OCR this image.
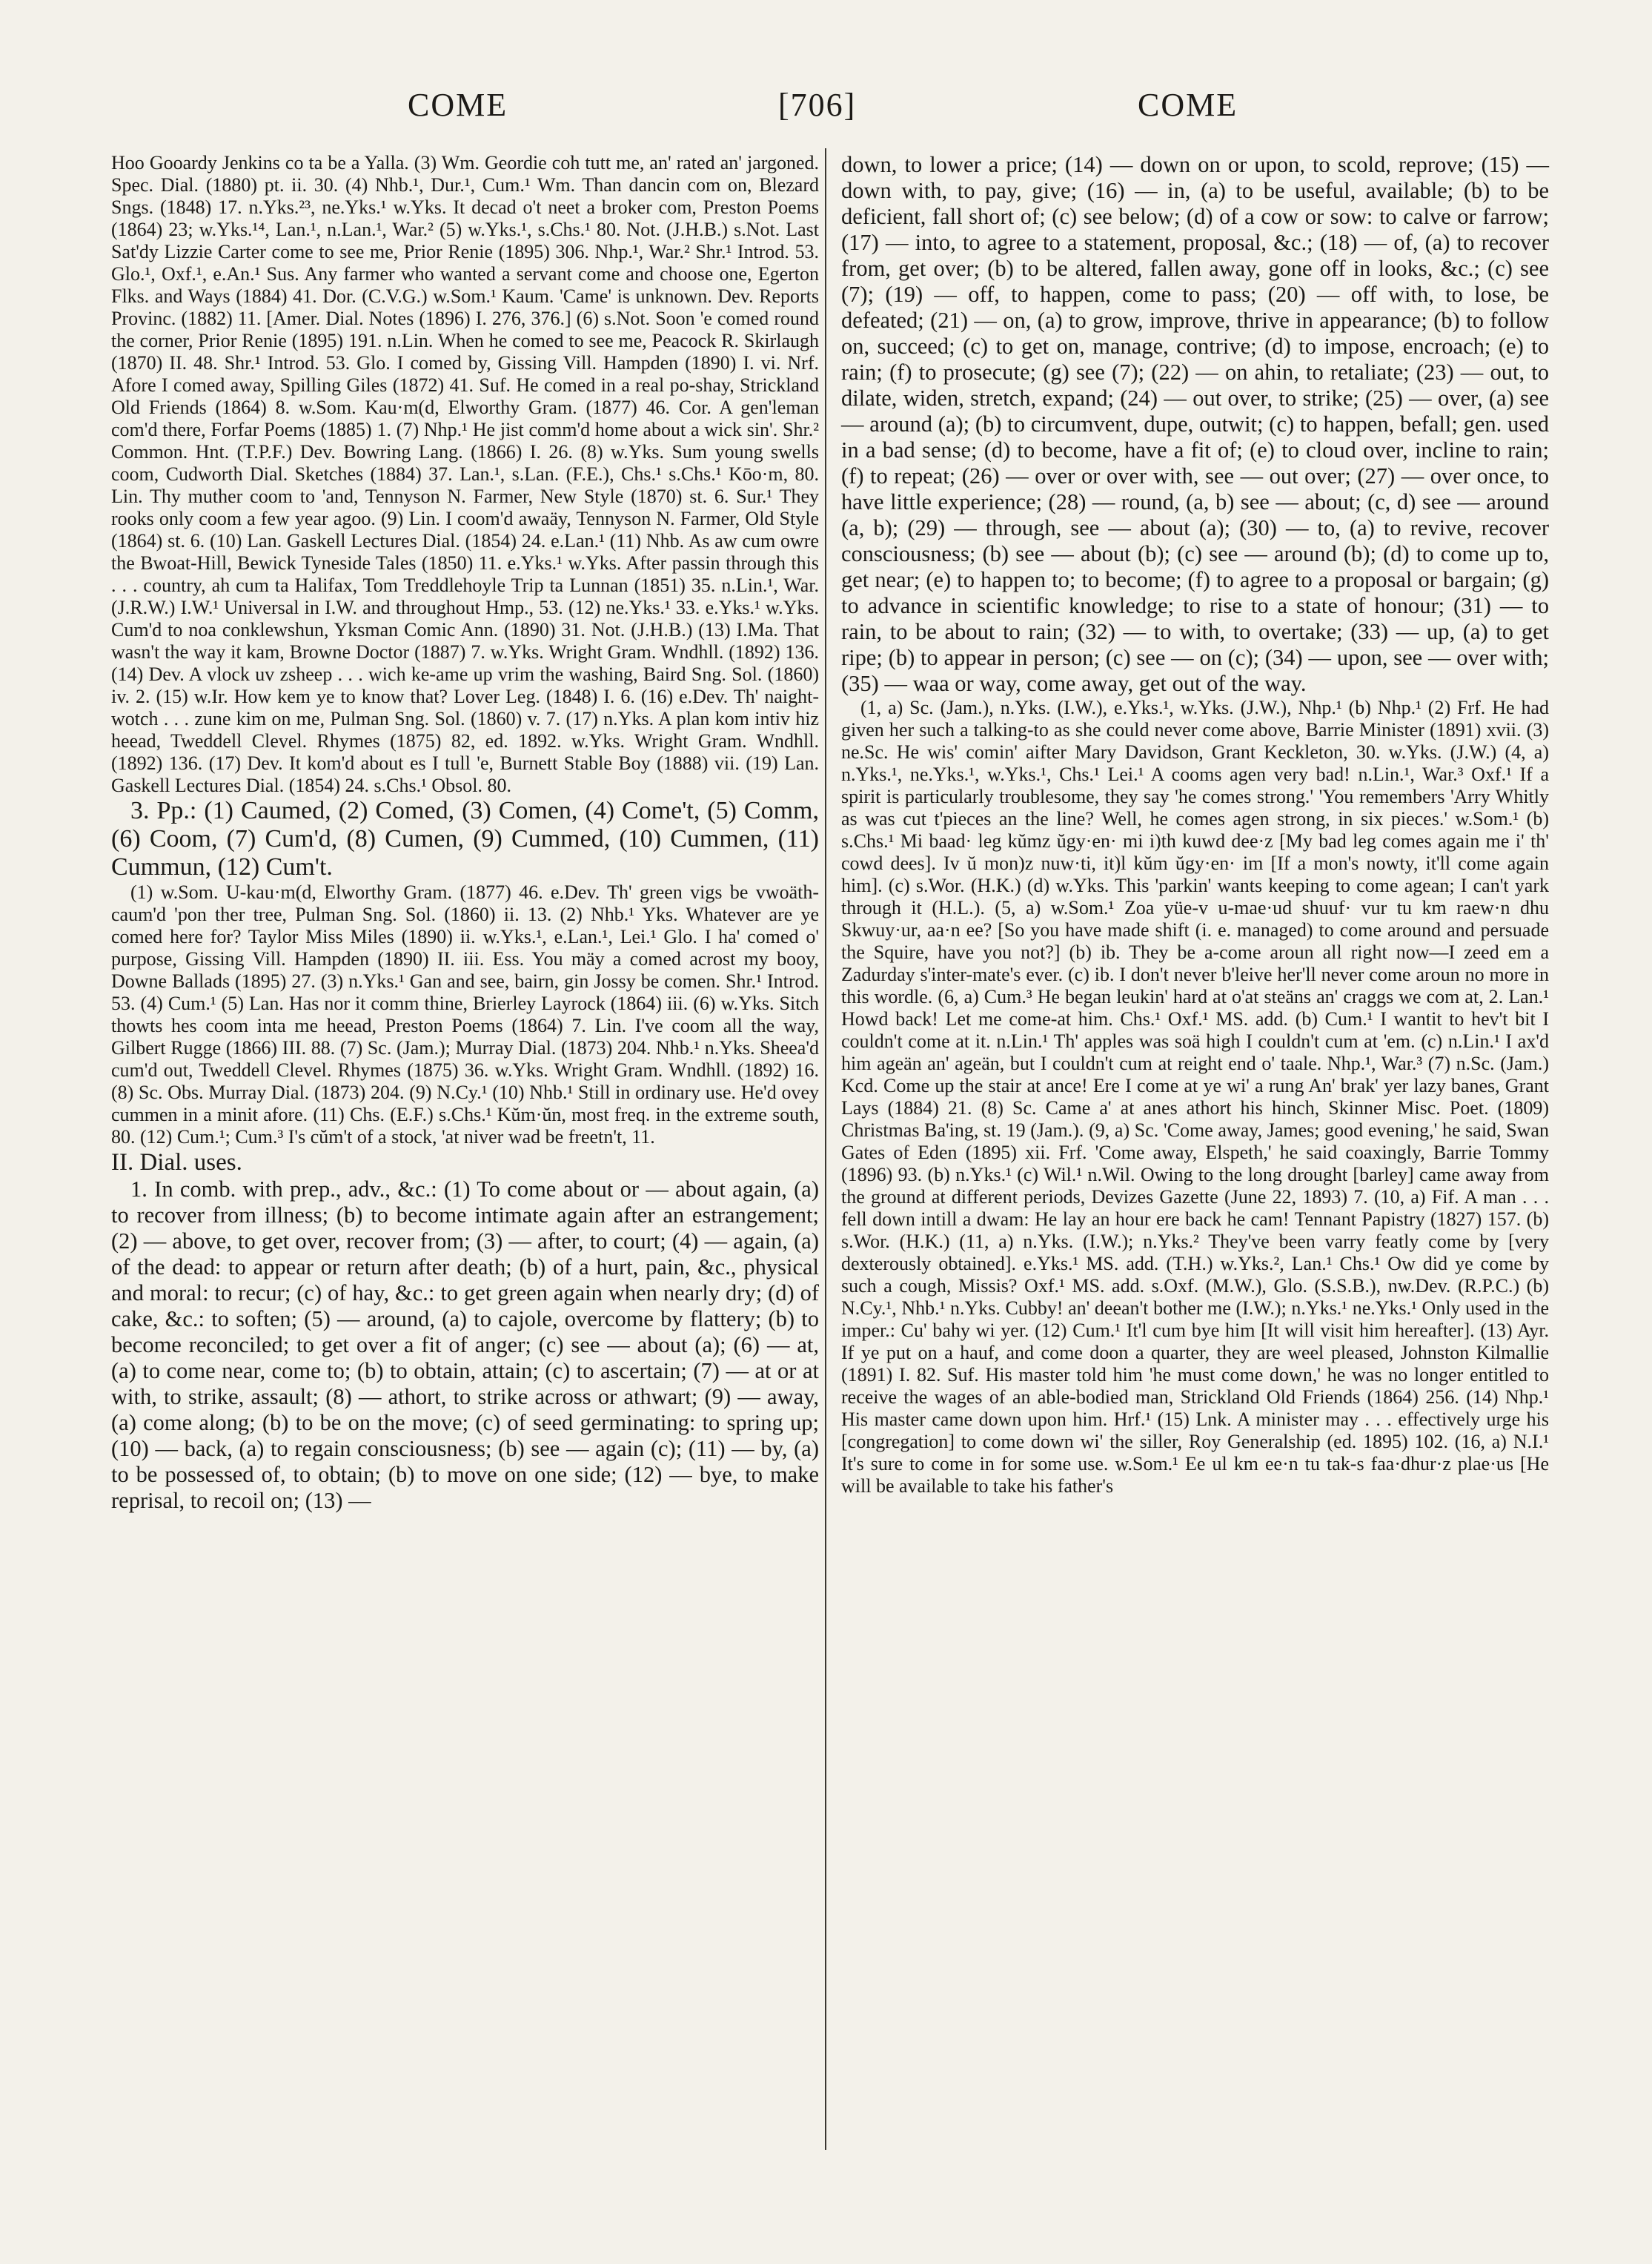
COME	[706]	COME

Hoo Gooardy Jenkins co ta be a Yalla. (3) Wm. Geordie coh tutt me, an' rated an' jargoned. Spec. Dial. (1880) pt. ii. 30. (4) Nhb.¹, Dur.¹, Cum.¹ Wm. Than dancin com on, Blezard Sngs. (1848) 17. n.Yks.²³, ne.Yks.¹ w.Yks. It decad o't neet a broker com, Preston Poems (1864) 23; w.Yks.¹⁴, Lan.¹, n.Lan.¹, War.² (5) w.Yks.¹, s.Chs.¹ 80. Not. (J.H.B.) s.Not. Last Sat'dy Lizzie Carter come to see me, Prior Renie (1895) 306. Nhp.¹, War.² Shr.¹ Introd. 53. Glo.¹, Oxf.¹, e.An.¹ Sus. Any farmer who wanted a servant come and choose one, Egerton Flks. and Ways (1884) 41. Dor. (C.V.G.) w.Som.¹ Kaum. 'Came' is unknown. Dev. Reports Provinc. (1882) 11. [Amer. Dial. Notes (1896) I. 276, 376.] (6) s.Not. Soon 'e comed round the corner, Prior Renie (1895) 191. n.Lin. When he comed to see me, Peacock R. Skirlaugh (1870) II. 48. Shr.¹ Introd. 53. Glo. I comed by, Gissing Vill. Hampden (1890) I. vi. Nrf. Afore I comed away, Spilling Giles (1872) 41. Suf. He comed in a real po-shay, Strickland Old Friends (1864) 8. w.Som. Kau·m(d, Elworthy Gram. (1877) 46. Cor. A gen'leman com'd there, Forfar Poems (1885) 1. (7) Nhp.¹ He jist comm'd home about a wick sin'. Shr.² Common. Hnt. (T.P.F.) Dev. Bowring Lang. (1866) I. 26. (8) w.Yks. Sum young swells coom, Cudworth Dial. Sketches (1884) 37. Lan.¹, s.Lan. (F.E.), Chs.¹ s.Chs.¹ Kōo·m, 80. Lin. Thy muther coom to 'and, Tennyson N. Farmer, New Style (1870) st. 6. Sur.¹ They rooks only coom a few year agoo. (9) Lin. I coom'd awaäy, Tennyson N. Farmer, Old Style (1864) st. 6. (10) Lan. Gaskell Lectures Dial. (1854) 24. e.Lan.¹ (11) Nhb. As aw cum owre the Bwoat-Hill, Bewick Tyneside Tales (1850) 11. e.Yks.¹ w.Yks. After passin through this . . . country, ah cum ta Halifax, Tom Treddlehoyle Trip ta Lunnan (1851) 35. n.Lin.¹, War. (J.R.W.) I.W.¹ Universal in I.W. and throughout Hmp., 53. (12) ne.Yks.¹ 33. e.Yks.¹ w.Yks. Cum'd to noa conklewshun, Yksman Comic Ann. (1890) 31. Not. (J.H.B.) (13) I.Ma. That wasn't the way it kam, Browne Doctor (1887) 7. w.Yks. Wright Gram. Wndhll. (1892) 136. (14) Dev. A vlock uv zsheep . . . wich ke-ame up vrim the washing, Baird Sng. Sol. (1860) iv. 2. (15) w.Ir. How kem ye to know that? Lover Leg. (1848) I. 6. (16) e.Dev. Th' naight-wotch . . . zune kim on me, Pulman Sng. Sol. (1860) v. 7. (17) n.Yks. A plan kom intiv hiz heead, Tweddell Clevel. Rhymes (1875) 82, ed. 1892. w.Yks. Wright Gram. Wndhll. (1892) 136. (17) Dev. It kom'd about es I tull 'e, Burnett Stable Boy (1888) vii. (19) Lan. Gaskell Lectures Dial. (1854) 24. s.Chs.¹ Obsol. 80.

3. Pp.: (1) Caumed, (2) Comed, (3) Comen, (4) Come't, (5) Comm, (6) Coom, (7) Cum'd, (8) Cumen, (9) Cummed, (10) Cummen, (11) Cummun, (12) Cum't.

(1) w.Som. U-kau·m(d, Elworthy Gram. (1877) 46. e.Dev. Th' green vigs be vwoäth-caum'd 'pon ther tree, Pulman Sng. Sol. (1860) ii. 13. (2) Nhb.¹ Yks. Whatever are ye comed here for? Taylor Miss Miles (1890) ii. w.Yks.¹, e.Lan.¹, Lei.¹ Glo. I ha' comed o' purpose, Gissing Vill. Hampden (1890) II. iii. Ess. You mäy a comed acrost my booy, Downe Ballads (1895) 27. (3) n.Yks.¹ Gan and see, bairn, gin Jossy be comen. Shr.¹ Introd. 53. (4) Cum.¹ (5) Lan. Has nor it comm thine, Brierley Layrock (1864) iii. (6) w.Yks. Sitch thowts hes coom inta me heead, Preston Poems (1864) 7. Lin. I've coom all the way, Gilbert Rugge (1866) III. 88. (7) Sc. (Jam.); Murray Dial. (1873) 204. Nhb.¹ n.Yks. Sheea'd cum'd out, Tweddell Clevel. Rhymes (1875) 36. w.Yks. Wright Gram. Wndhll. (1892) 16. (8) Sc. Obs. Murray Dial. (1873) 204. (9) N.Cy.¹ (10) Nhb.¹ Still in ordinary use. He'd ovey cummen in a minit afore. (11) Chs. (E.F.) s.Chs.¹ Kŭm·ŭn, most freq. in the extreme south, 80. (12) Cum.¹; Cum.³ I's cŭm't of a stock, 'at niver wad be freetn't, 11.

II. Dial. uses.

1. In comb. with prep., adv., &c.: (1) To come about or — about again, (a) to recover from illness; (b) to become intimate again after an estrangement; (2) — above, to get over, recover from; (3) — after, to court; (4) — again, (a) of the dead: to appear or return after death; (b) of a hurt, pain, &c., physical and moral: to recur; (c) of hay, &c.: to get green again when nearly dry; (d) of cake, &c.: to soften; (5) — around, (a) to cajole, overcome by flattery; (b) to become reconciled; to get over a fit of anger; (c) see — about (a); (6) — at, (a) to come near, come to; (b) to obtain, attain; (c) to ascertain; (7) — at or at with, to strike, assault; (8) — athort, to strike across or athwart; (9) — away, (a) come along; (b) to be on the move; (c) of seed germinating: to spring up; (10) — back, (a) to regain consciousness; (b) see — again (c); (11) — by, (a) to be possessed of, to obtain; (b) to move on one side; (12) — bye, to make reprisal, to recoil on; (13) —

down, to lower a price; (14) — down on or upon, to scold, reprove; (15) — down with, to pay, give; (16) — in, (a) to be useful, available; (b) to be deficient, fall short of; (c) see below; (d) of a cow or sow: to calve or farrow; (17) — into, to agree to a statement, proposal, &c.; (18) — of, (a) to recover from, get over; (b) to be altered, fallen away, gone off in looks, &c.; (c) see (7); (19) — off, to happen, come to pass; (20) — off with, to lose, be defeated; (21) — on, (a) to grow, improve, thrive in appearance; (b) to follow on, succeed; (c) to get on, manage, contrive; (d) to impose, encroach; (e) to rain; (f) to prosecute; (g) see (7); (22) — on ahin, to retaliate; (23) — out, to dilate, widen, stretch, expand; (24) — out over, to strike; (25) — over, (a) see — around (a); (b) to circumvent, dupe, outwit; (c) to happen, befall; gen. used in a bad sense; (d) to become, have a fit of; (e) to cloud over, incline to rain; (f) to repeat; (26) — over or over with, see — out over; (27) — over once, to have little experience; (28) — round, (a, b) see — about; (c, d) see — around (a, b); (29) — through, see — about (a); (30) — to, (a) to revive, recover consciousness; (b) see — about (b); (c) see — around (b); (d) to come up to, get near; (e) to happen to; to become; (f) to agree to a proposal or bargain; (g) to advance in scientific knowledge; to rise to a state of honour; (31) — to rain, to be about to rain; (32) — to with, to overtake; (33) — up, (a) to get ripe; (b) to appear in person; (c) see — on (c); (34) — upon, see — over with; (35) — waa or way, come away, get out of the way.

(1, a) Sc. (Jam.), n.Yks. (I.W.), e.Yks.¹, w.Yks. (J.W.), Nhp.¹ (b) Nhp.¹ (2) Frf. He had given her such a talking-to as she could never come above, Barrie Minister (1891) xvii. (3) ne.Sc. He wis' comin' aifter Mary Davidson, Grant Keckleton, 30. w.Yks. (J.W.) (4, a) n.Yks.¹, ne.Yks.¹, w.Yks.¹, Chs.¹ Lei.¹ A cooms agen very bad! n.Lin.¹, War.³ Oxf.¹ If a spirit is particularly troublesome, they say 'he comes strong.' 'You remembers 'Arry Whitly as was cut t'pieces an the line? Well, he comes agen strong, in six pieces.' w.Som.¹ (b) s.Chs.¹ Mi baad· leg kŭmz ŭgy·en· mi i)th kuwd dee·z [My bad leg comes again me i' th' cowd dees]. Iv ŭ mon)z nuw·ti, it)l kŭm ŭgy·en· im [If a mon's nowty, it'll come again him]. (c) s.Wor. (H.K.) (d) w.Yks. This 'parkin' wants keeping to come agean; I can't yark through it (H.L.). (5, a) w.Som.¹ Zoa yüe-v u-mae·ud shuuf· vur tu km raew·n dhu Skwuy·ur, aa·n ee? [So you have made shift (i. e. managed) to come around and persuade the Squire, have you not?] (b) ib. They be a-come aroun all right now—I zeed em a Zadurday s'inter-mate's ever. (c) ib. I don't never b'leive her'll never come aroun no more in this wordle. (6, a) Cum.³ He began leukin' hard at o'at steäns an' craggs we com at, 2. Lan.¹ Howd back! Let me come-at him. Chs.¹ Oxf.¹ MS. add. (b) Cum.¹ I wantit to hev't bit I couldn't come at it. n.Lin.¹ Th' apples was soä high I couldn't cum at 'em. (c) n.Lin.¹ I ax'd him ageän an' ageän, but I couldn't cum at reight end o' taale. Nhp.¹, War.³ (7) n.Sc. (Jam.) Kcd. Come up the stair at ance! Ere I come at ye wi' a rung An' brak' yer lazy banes, Grant Lays (1884) 21. (8) Sc. Came a' at anes athort his hinch, Skinner Misc. Poet. (1809) Christmas Ba'ing, st. 19 (Jam.). (9, a) Sc. 'Come away, James; good evening,' he said, Swan Gates of Eden (1895) xii. Frf. 'Come away, Elspeth,' he said coaxingly, Barrie Tommy (1896) 93. (b) n.Yks.¹ (c) Wil.¹ n.Wil. Owing to the long drought [barley] came away from the ground at different periods, Devizes Gazette (June 22, 1893) 7. (10, a) Fif. A man . . . fell down intill a dwam: He lay an hour ere back he cam! Tennant Papistry (1827) 157. (b) s.Wor. (H.K.) (11, a) n.Yks. (I.W.); n.Yks.² They've been varry featly come by [very dexterously obtained]. e.Yks.¹ MS. add. (T.H.) w.Yks.², Lan.¹ Chs.¹ Ow did ye come by such a cough, Missis? Oxf.¹ MS. add. s.Oxf. (M.W.), Glo. (S.S.B.), nw.Dev. (R.P.C.) (b) N.Cy.¹, Nhb.¹ n.Yks. Cubby! an' deean't bother me (I.W.); n.Yks.¹ ne.Yks.¹ Only used in the imper.: Cu' bahy wi yer. (12) Cum.¹ It'l cum bye him [It will visit him hereafter]. (13) Ayr. If ye put on a hauf, and come doon a quarter, they are weel pleased, Johnston Kilmallie (1891) I. 82. Suf. His master told him 'he must come down,' he was no longer entitled to receive the wages of an able-bodied man, Strickland Old Friends (1864) 256. (14) Nhp.¹ His master came down upon him. Hrf.¹ (15) Lnk. A minister may . . . effectively urge his [congregation] to come down wi' the siller, Roy Generalship (ed. 1895) 102. (16, a) N.I.¹ It's sure to come in for some use. w.Som.¹ Ee ul km ee·n tu tak-s faa·dhur·z plae·us [He will be available to take his father's
